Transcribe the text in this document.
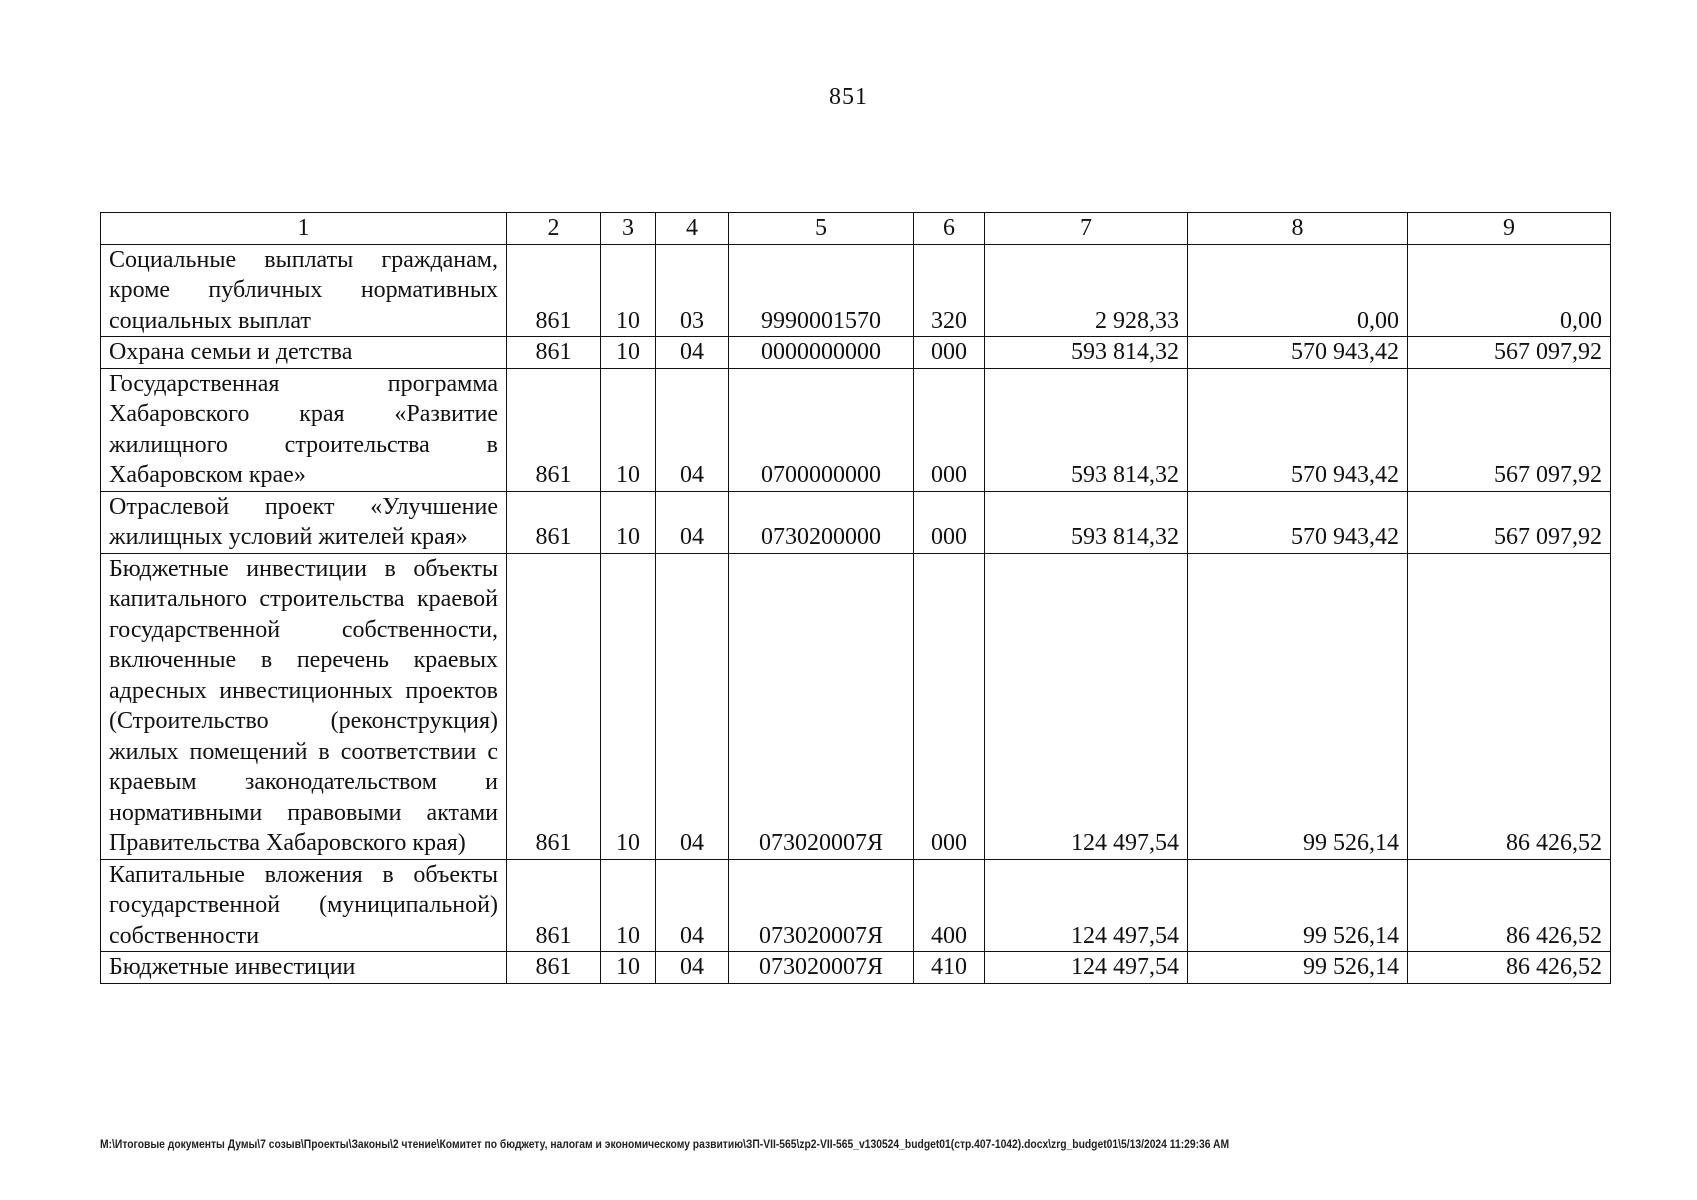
851
1	2	3	4	5	6	7	8	9
Социальные выплаты гражданам, кроме публичных нормативных социальных выплат	861	10	03	9990001570	320	2 928,33	0,00	0,00
Охрана семьи и детства	861	10	04	0000000000	000	593 814,32	570 943,42	567 097,92
Государственная программа Хабаровского края «Развитие жилищного строительства в Хабаровском крае»	861	10	04	0700000000	000	593 814,32	570 943,42	567 097,92
Отраслевой проект «Улучшение жилищных условий жителей края»	861	10	04	0730200000	000	593 814,32	570 943,42	567 097,92
Бюджетные инвестиции в объекты капитального строительства краевой государственной собственности, включенные в перечень краевых адресных инвестиционных проектов (Строительство (реконструкция) жилых помещений в соответствии с краевым законодательством и нормативными правовыми актами Правительства Хабаровского края)	861	10	04	073020007Я	000	124 497,54	99 526,14	86 426,52
Капитальные вложения в объекты государственной (муниципальной) собственности	861	10	04	073020007Я	400	124 497,54	99 526,14	86 426,52
Бюджетные инвестиции	861	10	04	073020007Я	410	124 497,54	99 526,14	86 426,52
M:\Итоговые документы Думы\7 созыв\Проекты\Законы\2 чтение\Комитет по бюджету, налогам и экономическому развитию\ЗП-VII-565\zp2-VII-565_v130524_budget01(стр.407-1042).docx\zrg_budget01\5/13/2024 11:29:36 AM
